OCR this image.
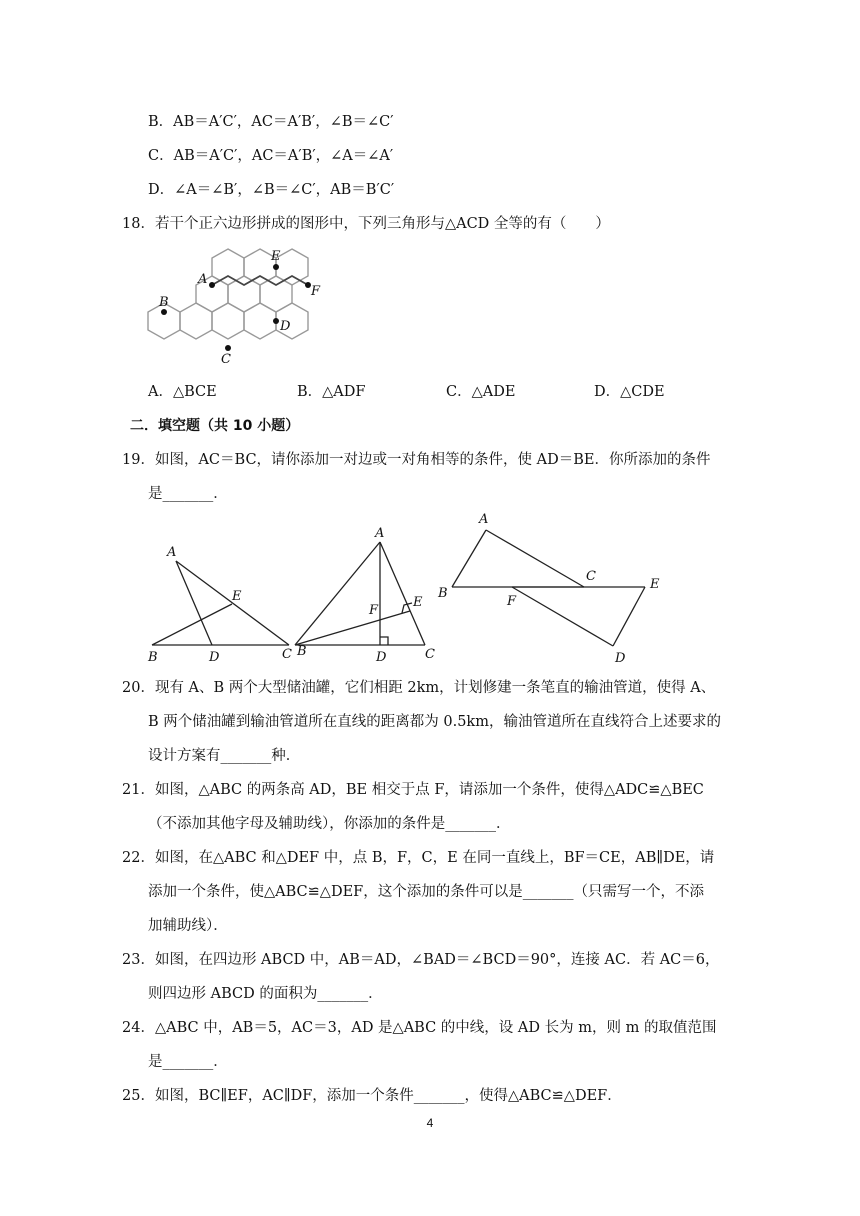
B．AB＝A′C′，AC＝A′B′，∠B＝∠C′
C．AB＝A′C′，AC＝A′B′，∠A＝∠A′
D．∠A＝∠B′，∠B＝∠C′，AB＝B′C′
18．若干个正六边形拼成的图形中，下列三角形与△ACD 全等的有（　　）
A
E
F
B
D
C
A．△BCE	B．△ADF	C．△ADE	D．△CDE
二．填空题（共 10 小题）
19．如图，AC＝BC，请你添加一对边或一对角相等的条件，使 AD＝BE．你所添加的条件
是_______．
A
E
B	D	C
A
F
E
B	D	C
A
B
C
F
E
D
20．现有 A、B 两个大型储油罐，它们相距 2km，计划修建一条笔直的输油管道，使得 A、
B 两个储油罐到输油管道所在直线的距离都为 0.5km，输油管道所在直线符合上述要求的
设计方案有_______种．
21．如图，△ABC 的两条高 AD，BE 相交于点 F，请添加一个条件，使得△ADC≌△BEC
（不添加其他字母及辅助线），你添加的条件是_______．
22．如图，在△ABC 和△DEF 中，点 B，F，C，E 在同一直线上，BF＝CE，AB∥DE，请
添加一个条件，使△ABC≌△DEF，这个添加的条件可以是_______（只需写一个，不添
加辅助线）．
23．如图，在四边形 ABCD 中，AB＝AD，∠BAD＝∠BCD＝90°，连接 AC．若 AC＝6，
则四边形 ABCD 的面积为_______．
24．△ABC 中，AB＝5，AC＝3，AD 是△ABC 的中线，设 AD 长为 m，则 m 的取值范围
是_______．
25．如图，BC∥EF，AC∥DF，添加一个条件_______，使得△ABC≌△DEF．
4
